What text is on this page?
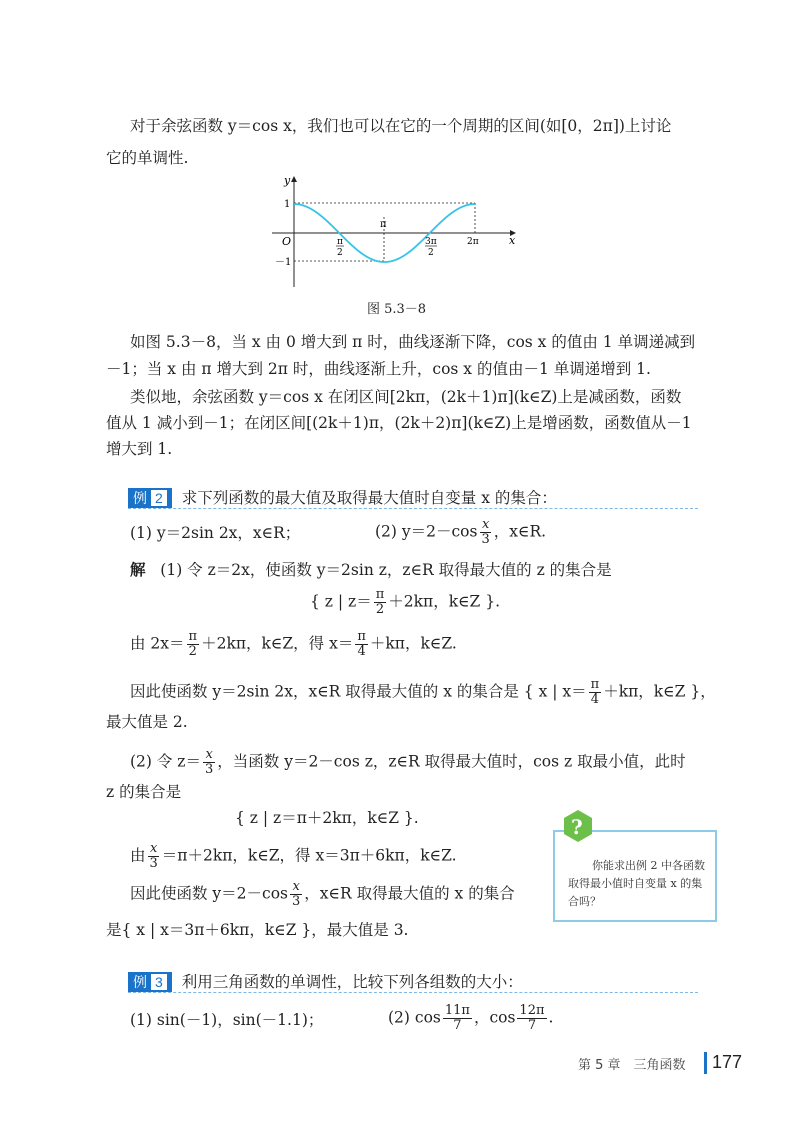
对于余弦函数 y＝cos x，我们也可以在它的一个周期的区间(如[0，2π])上讨论
它的单调性.
y
x
O
1
－1
π
π
2
3π
2
2π
图 5.3－8
如图 5.3－8，当 x 由 0 增大到 π 时，曲线逐渐下降，cos x 的值由 1 单调递减到
－1；当 x 由 π 增大到 2π 时，曲线逐渐上升，cos x 的值由－1 单调递增到 1.
类似地，余弦函数 y＝cos x 在闭区间[2kπ，(2k＋1)π](k∈Z)上是减函数，函数
值从 1 减小到－1；在闭区间[(2k＋1)π，(2k＋2)π](k∈Z)上是增函数，函数值从－1
增大到 1.
例 2 求下列函数的最大值及取得最大值时自变量 x 的集合：
(1) y＝2sin 2x，x∈R；	(2) $y=2-\cos \frac{x}{3}$ ，x∈R.
解 (1) 令 z＝2x，使函数 y＝2sin z，z∈R 取得最大值的 z 的集合是
{ z | $z= \frac{\pi}{2} +2k\pi$，k∈Z }.
由 $2x= \frac{\pi}{2} +2k\pi$，k∈Z，得 $x= \frac{\pi}{4} +k\pi$，k∈Z.
因此使函数 y＝2sin 2x，x∈R 取得最大值的 x 的集合是 { x | $x= \frac{\pi}{4} +k\pi$，k∈Z }，
最大值是 2.
(2) 令 $z= \frac{x}{3}$ ，当函数 y＝2－cos z，z∈R 取得最大值时，cos z 取最小值，此时
z 的集合是
{ z | z＝π＋2kπ，k∈Z }.
由 $\frac{x}{3} =\pi+2k\pi$，k∈Z，得 x＝3π＋6kπ，k∈Z.
因此使函数 $y=2-\cos \frac{x}{3}$ ，x∈R 取得最大值的 x 的集合
是{ x | x＝3π＋6kπ，k∈Z }，最大值是 3.
?
你能求出例 2 中各函数取得最小值时自变量 x 的集合吗？
例 3 利用三角函数的单调性，比较下列各组数的大小：
(1) sin(－1)，sin(－1.1)；	(2) $\cos \frac{11\pi}{7}$ ，$\cos \frac{12\pi}{7}$ .
第 5 章　三角函数 177
